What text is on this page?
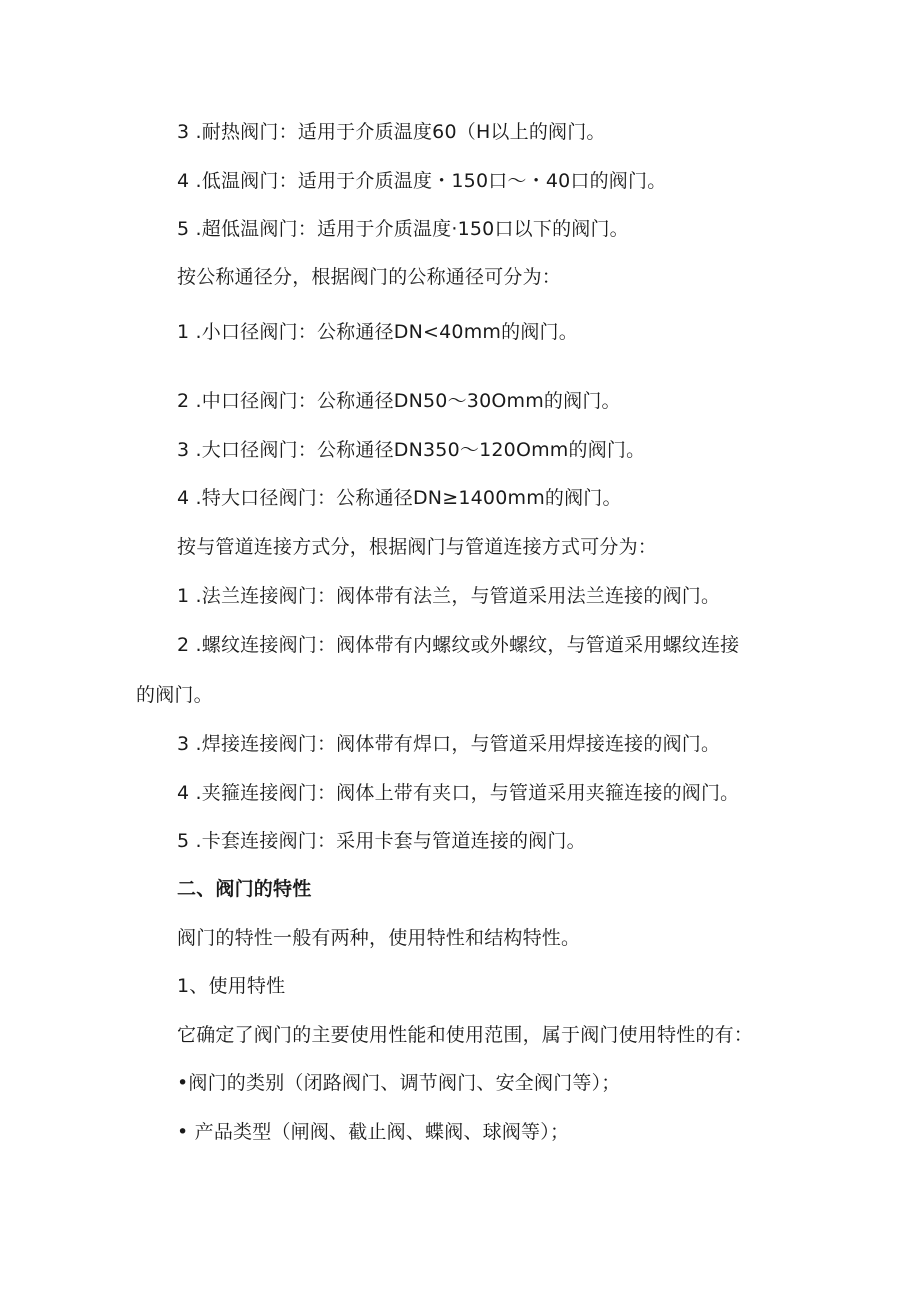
3 .耐热阀门：适用于介质温度60（H以上的阀门。
4 .低温阀门：适用于介质温度・150口〜・40口的阀门。
5 .超低温阀门：适用于介质温度·150口以下的阀门。
按公称通径分，根据阀门的公称通径可分为：
1 .小口径阀门：公称通径DN<40mm的阀门。
2 .中口径阀门：公称通径DN50〜30Omm的阀门。
3 .大口径阀门：公称通径DN350〜120Omm的阀门。
4 .特大口径阀门：公称通径DN≥1400mm的阀门。
按与管道连接方式分，根据阀门与管道连接方式可分为：
1 .法兰连接阀门：阀体带有法兰，与管道采用法兰连接的阀门。
2 .螺纹连接阀门：阀体带有内螺纹或外螺纹，与管道采用螺纹连接
的阀门。
3 .焊接连接阀门：阀体带有焊口，与管道采用焊接连接的阀门。
4 .夹箍连接阀门：阀体上带有夹口，与管道采用夹箍连接的阀门。
5 .卡套连接阀门：采用卡套与管道连接的阀门。
二、阀门的特性
阀门的特性一般有两种，使用特性和结构特性。
1、使用特性
它确定了阀门的主要使用性能和使用范围，属于阀门使用特性的有：
•阀门的类别（闭路阀门、调节阀门、安全阀门等）；
• 产品类型（闸阀、截止阀、蝶阀、球阀等）；
